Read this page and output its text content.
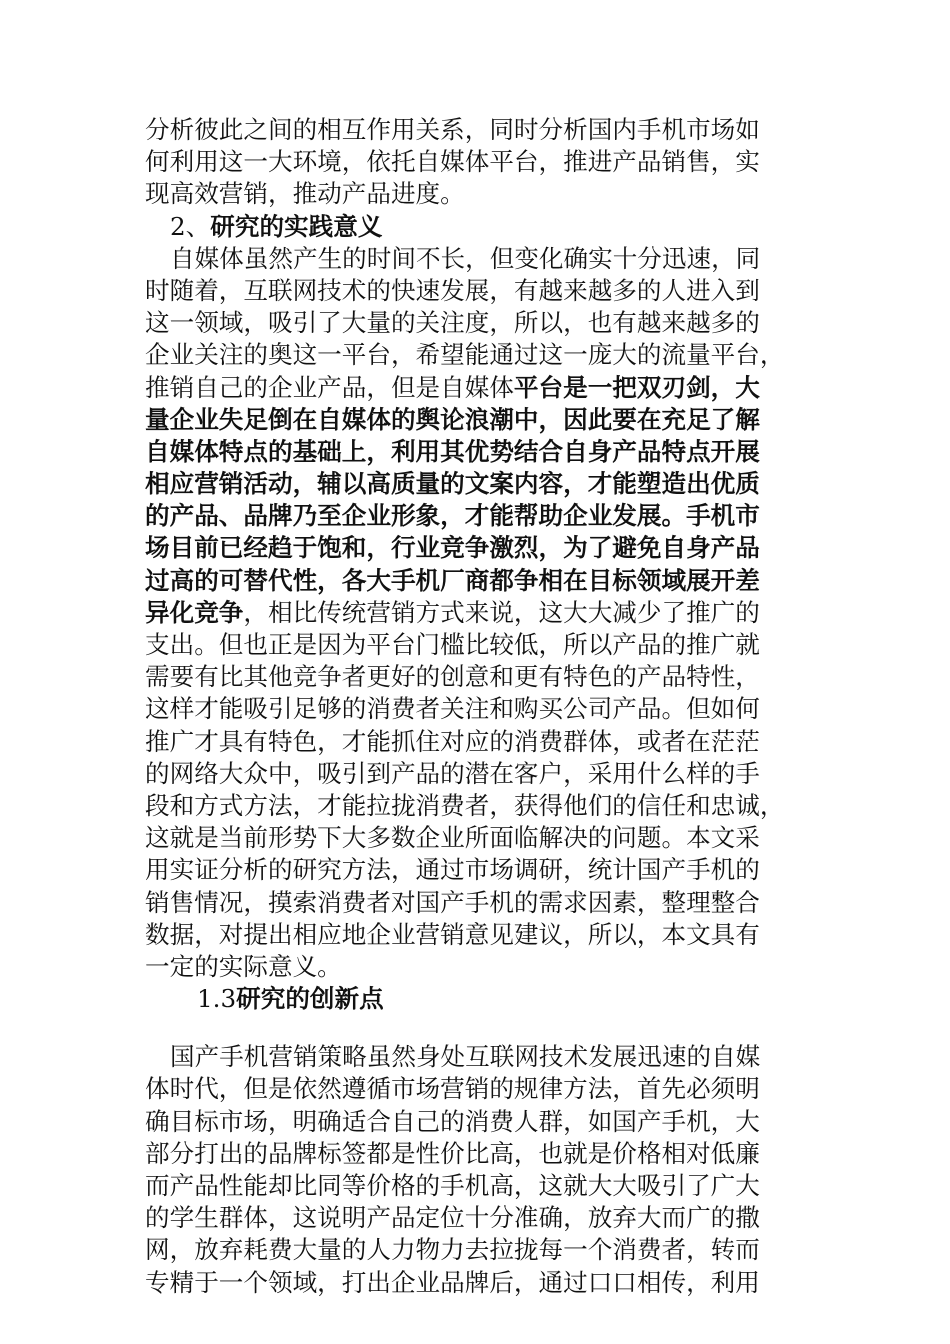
分析彼此之间的相互作用关系，同时分析国内手机市场如
何利用这一大环境，依托自媒体平台，推进产品销售，实
现高效营销，推动产品进度。
2、研究的实践意义
自媒体虽然产生的时间不长，但变化确实十分迅速，同
时随着，互联网技术的快速发展，有越来越多的人进入到
这一领域，吸引了大量的关注度，所以，也有越来越多的
企业关注的奥这一平台，希望能通过这一庞大的流量平台，
推销自己的企业产品，但是自媒体平台是一把双刃剑，大
量企业失足倒在自媒体的舆论浪潮中，因此要在充足了解
自媒体特点的基础上，利用其优势结合自身产品特点开展
相应营销活动，辅以高质量的文案内容，才能塑造出优质
的产品、品牌乃至企业形象，才能帮助企业发展。手机市
场目前已经趋于饱和，行业竞争激烈，为了避免自身产品
过高的可替代性，各大手机厂商都争相在目标领域展开差
异化竞争，相比传统营销方式来说，这大大减少了推广的
支出。但也正是因为平台门槛比较低，所以产品的推广就
需要有比其他竞争者更好的创意和更有特色的产品特性，
这样才能吸引足够的消费者关注和购买公司产品。但如何
推广才具有特色，才能抓住对应的消费群体，或者在茫茫
的网络大众中，吸引到产品的潜在客户，采用什么样的手
段和方式方法，才能拉拢消费者，获得他们的信任和忠诚，
这就是当前形势下大多数企业所面临解决的问题。本文采
用实证分析的研究方法，通过市场调研，统计国产手机的
销售情况，摸索消费者对国产手机的需求因素，整理整合
数据，对提出相应地企业营销意见建议，所以，本文具有
一定的实际意义。
1.3研究的创新点
国产手机营销策略虽然身处互联网技术发展迅速的自媒
体时代，但是依然遵循市场营销的规律方法，首先必须明
确目标市场，明确适合自己的消费人群，如国产手机，大
部分打出的品牌标签都是性价比高，也就是价格相对低廉
而产品性能却比同等价格的手机高，这就大大吸引了广大
的学生群体，这说明产品定位十分准确，放弃大而广的撒
网，放弃耗费大量的人力物力去拉拢每一个消费者，转而
专精于一个领域，打出企业品牌后，通过口口相传，利用
